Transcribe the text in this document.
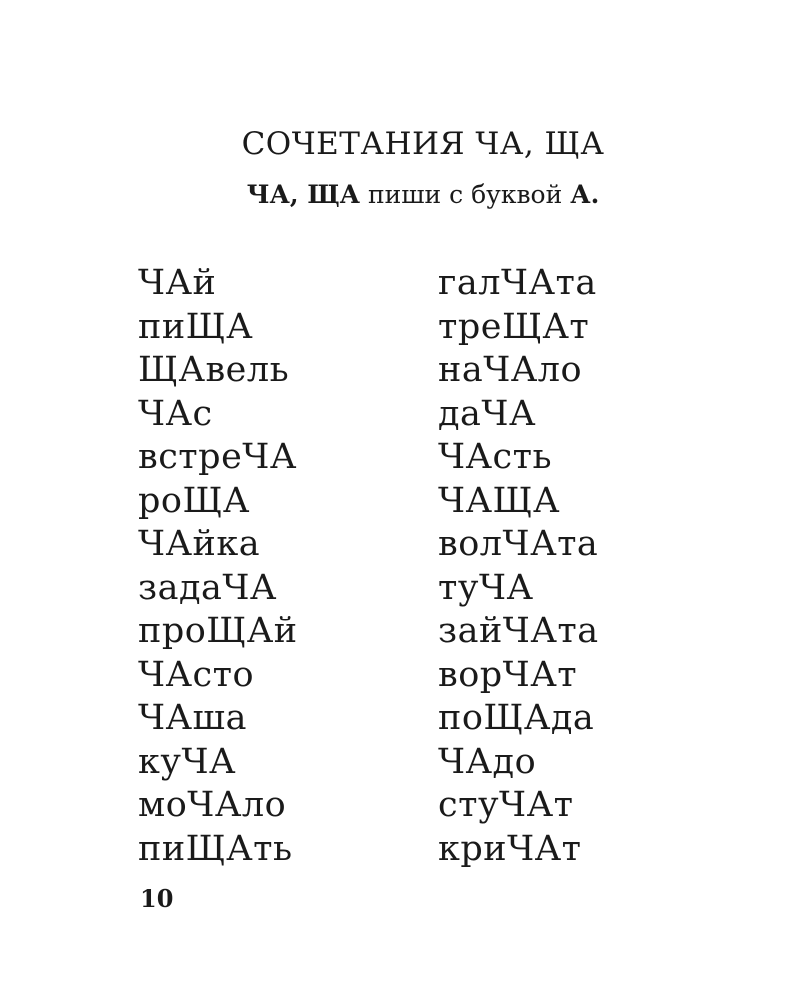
СОЧЕТАНИЯ ЧА, ЩА

ЧА, ЩА пиши с буквой А.

ЧАй
пиЩА
ЩАвель
ЧАс
встреЧА
роЩА
ЧАйка
задаЧА
проЩАй
ЧАсто
ЧАша
куЧА
моЧАло
пиЩАть
галЧАта
треЩАт
наЧАло
даЧА
ЧАсть
ЧАЩА
волЧАта
туЧА
зайЧАта
ворЧАт
поЩАда
ЧАдо
стуЧАт
криЧАт
10
